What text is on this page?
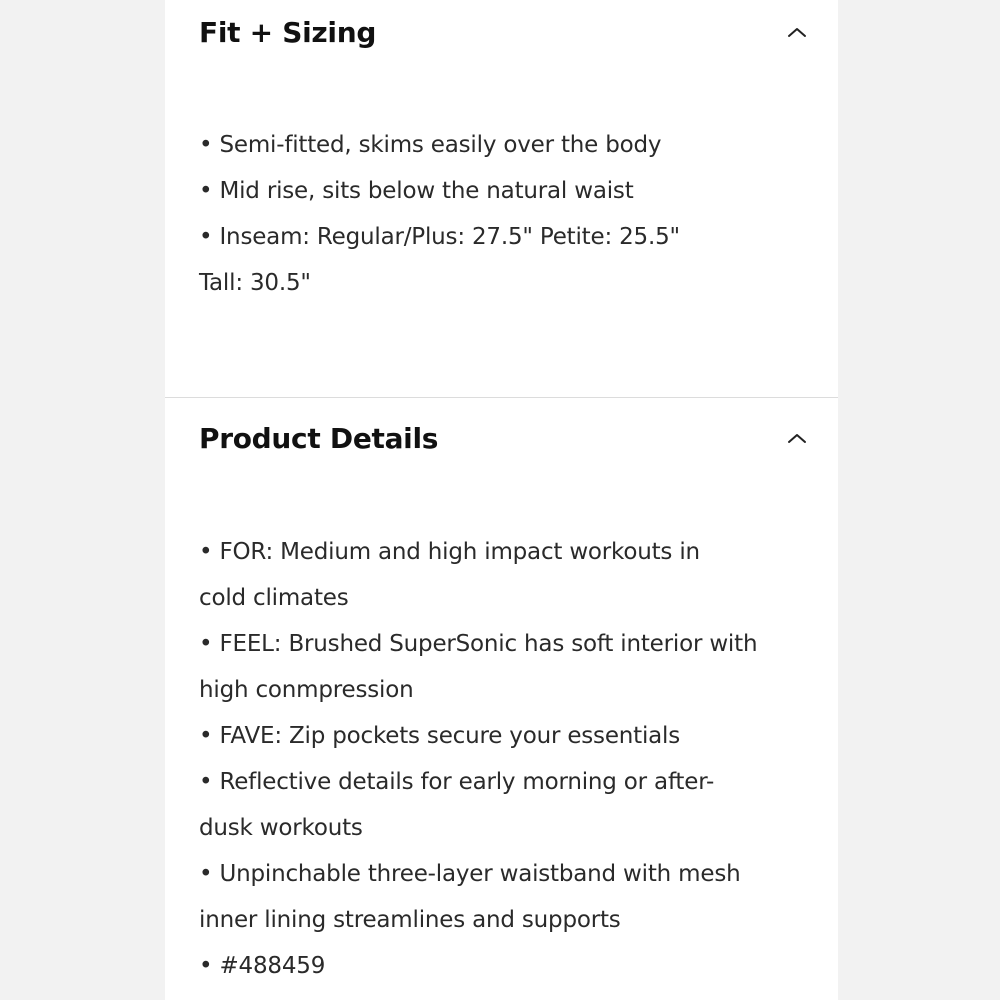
Fit + Sizing
• Semi-fitted, skims easily over the body
• Mid rise, sits below the natural waist
• Inseam: Regular/Plus: 27.5" Petite: 25.5"
Tall: 30.5"
Product Details
• FOR: Medium and high impact workouts in
cold climates
• FEEL: Brushed SuperSonic has soft interior with
high conmpression
• FAVE: Zip pockets secure your essentials
• Reflective details for early morning or after-
dusk workouts
• Unpinchable three-layer waistband with mesh
inner lining streamlines and supports
• #488459
